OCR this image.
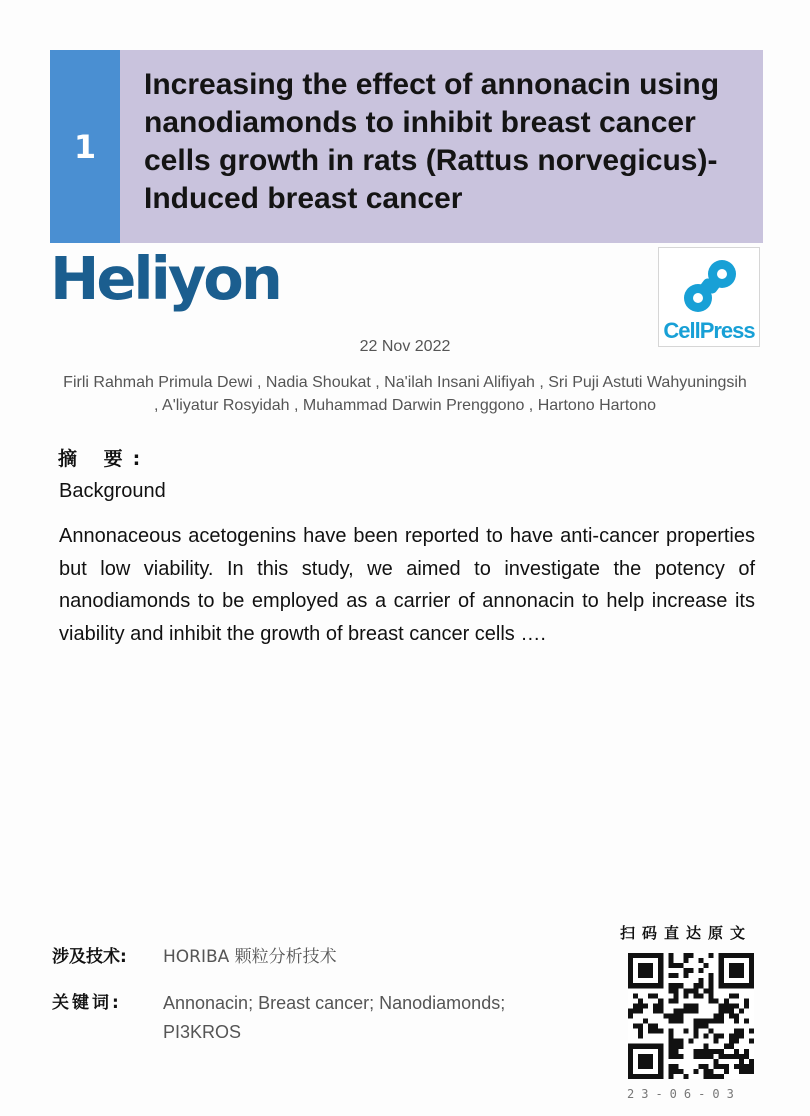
1
Increasing the effect of annonacin using nanodiamonds to inhibit breast cancer cells growth in rats (Rattus norvegicus)-Induced breast cancer
Heliyon
CellPress
22 Nov 2022
Firli Rahmah Primula Dewi , Nadia Shoukat , Na'ilah Insani Alifiyah , Sri Puji Astuti Wahyuningsih , A'liyatur Rosyidah , Muhammad Darwin Prenggono , Hartono Hartono
摘 要:
Background
Annonaceous acetogenins have been reported to have anti-cancer properties but low viability. In this study, we aimed to investigate the potency of nanodiamonds to be employed as a carrier of annonacin to help increase its viability and inhibit the growth of breast cancer cells ….
涉及技术: HORIBA 颗粒分析技术
关键词: Annonacin; Breast cancer; Nanodiamonds; PI3KROS
扫码直达原文
23-06-03
